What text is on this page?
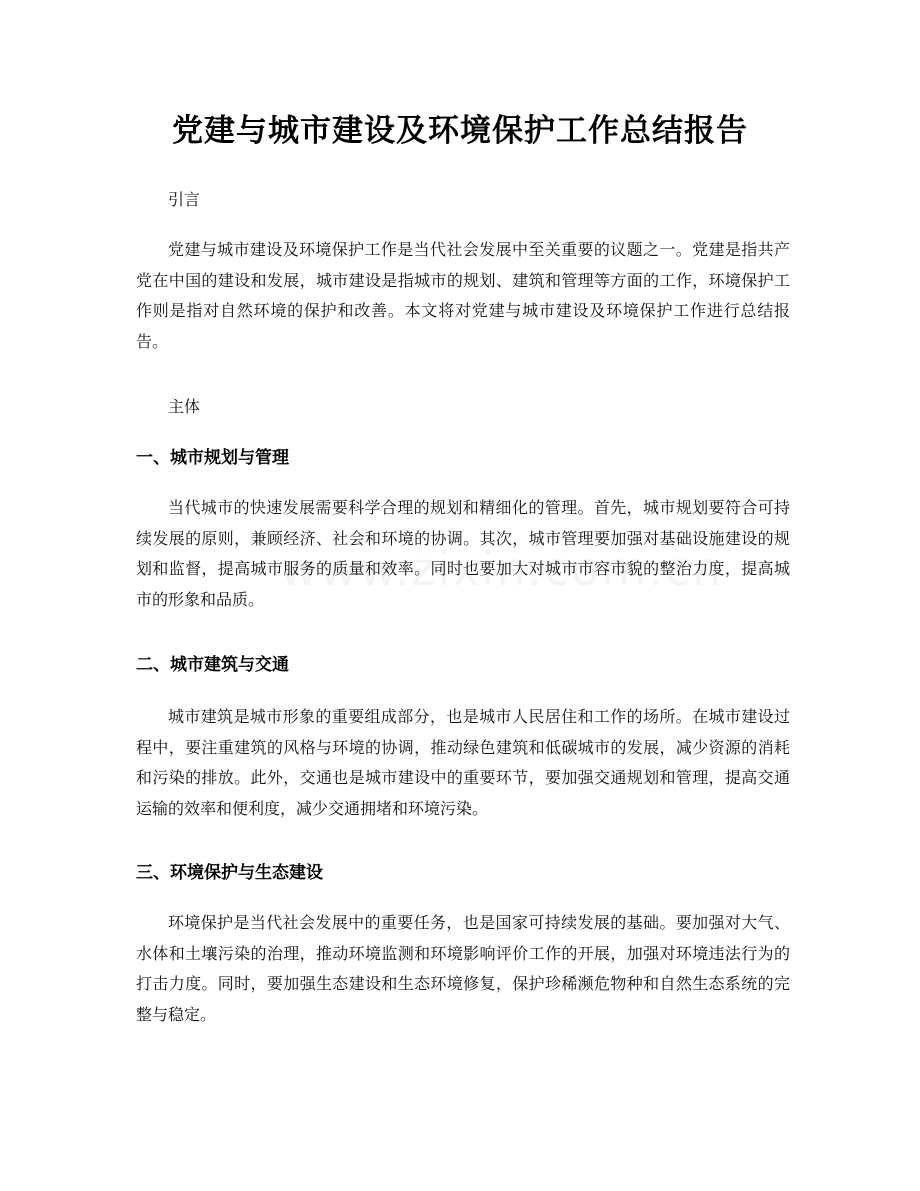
党建与城市建设及环境保护工作总结报告

引言

党建与城市建设及环境保护工作是当代社会发展中至关重要的议题之一。党建是指共产党在中国的建设和发展，城市建设是指城市的规划、建筑和管理等方面的工作，环境保护工作则是指对自然环境的保护和改善。本文将对党建与城市建设及环境保护工作进行总结报告。

主体

一、城市规划与管理

当代城市的快速发展需要科学合理的规划和精细化的管理。首先，城市规划要符合可持续发展的原则，兼顾经济、社会和环境的协调。其次，城市管理要加强对基础设施建设的规划和监督，提高城市服务的质量和效率。同时也要加大对城市市容市貌的整治力度，提高城市的形象和品质。

二、城市建筑与交通

城市建筑是城市形象的重要组成部分，也是城市人民居住和工作的场所。在城市建设过程中，要注重建筑的风格与环境的协调，推动绿色建筑和低碳城市的发展，减少资源的消耗和污染的排放。此外，交通也是城市建设中的重要环节，要加强交通规划和管理，提高交通运输的效率和便利度，减少交通拥堵和环境污染。

三、环境保护与生态建设

环境保护是当代社会发展中的重要任务，也是国家可持续发展的基础。要加强对大气、水体和土壤污染的治理，推动环境监测和环境影响评价工作的开展，加强对环境违法行为的打击力度。同时，要加强生态建设和生态环境修复，保护珍稀濒危物种和自然生态系统的完整与稳定。
